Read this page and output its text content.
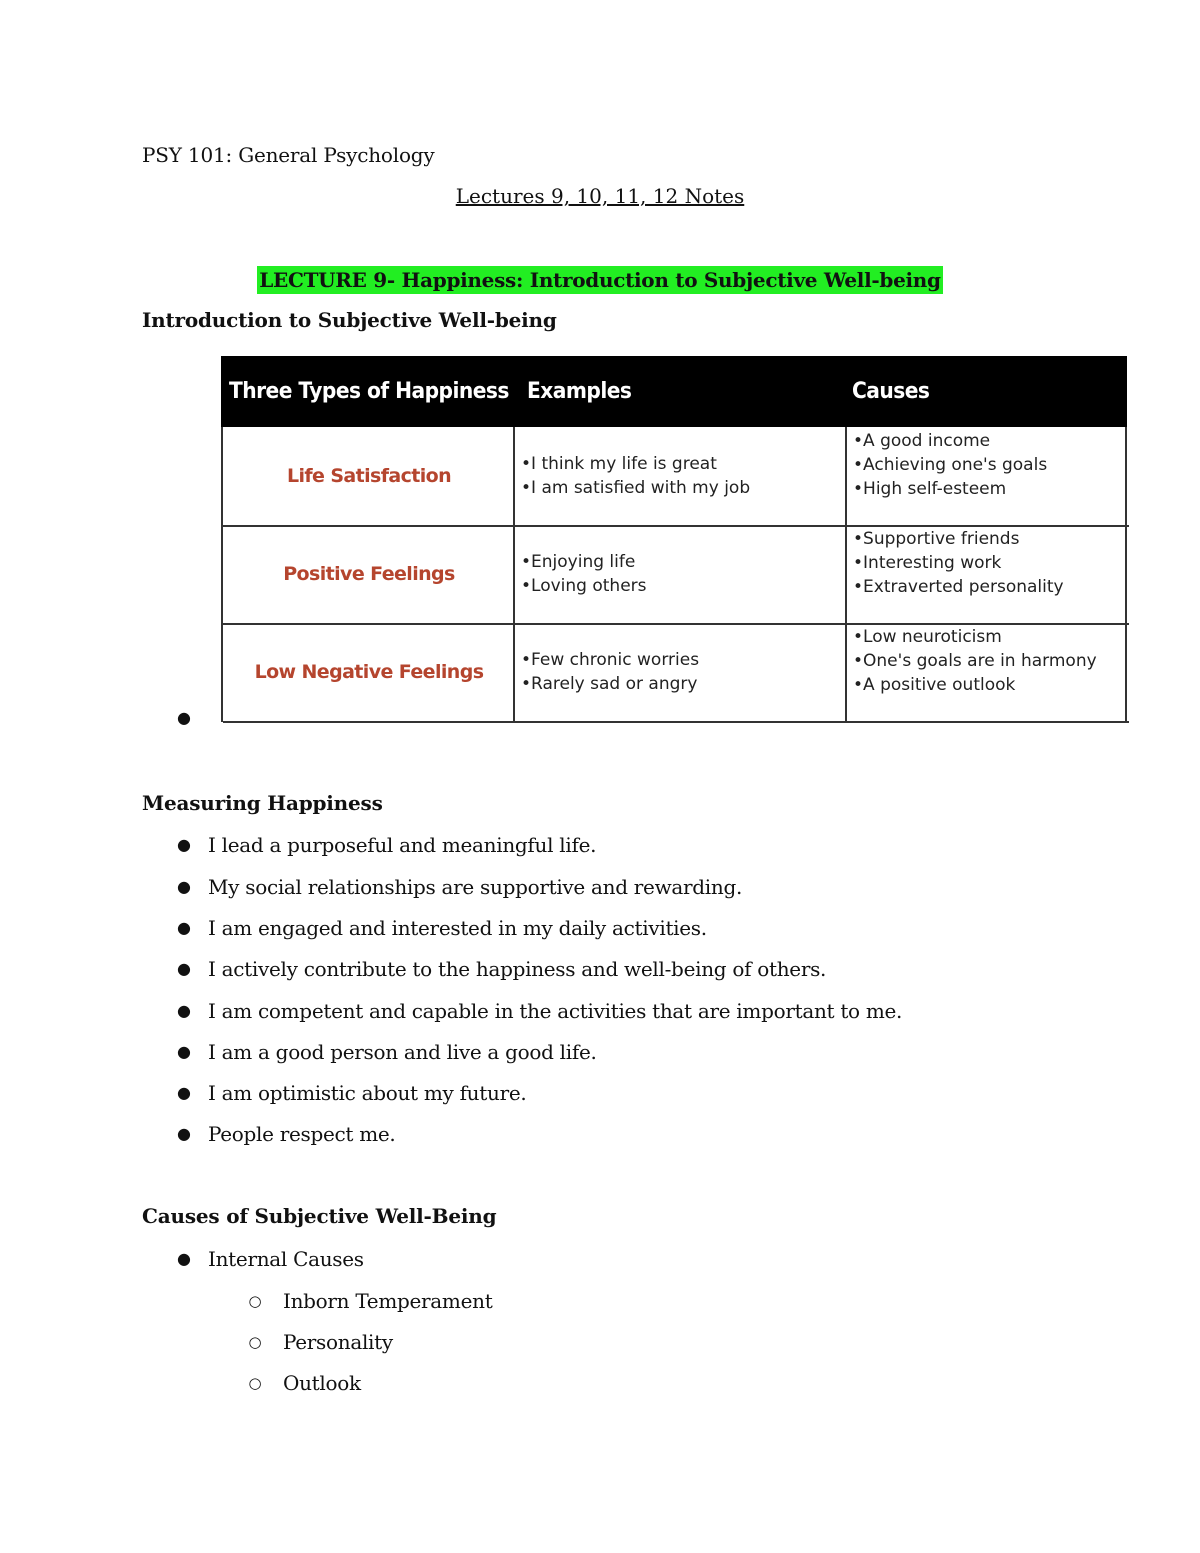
PSY 101: General Psychology
Lectures 9, 10, 11, 12 Notes
LECTURE 9- Happiness: Introduction to Subjective Well-being
Introduction to Subjective Well-being
Three Types of Happiness Examples	Causes
Life Satisfaction
• I think my life is great
• I am satisfied with my job
• A good income
• Achieving one's goals
• High self-esteem
Positive Feelings
• Enjoying life
• Loving others
• Supportive friends
• Interesting work
• Extraverted personality
Low Negative Feelings
• Few chronic worries
• Rarely sad or angry
• Low neuroticism
• One's goals are in harmony
• A positive outlook
●
Measuring Happiness
● I lead a purposeful and meaningful life.
● My social relationships are supportive and rewarding.
● I am engaged and interested in my daily activities.
● I actively contribute to the happiness and well-being of others.
● I am competent and capable in the activities that are important to me.
● I am a good person and live a good life.
● I am optimistic about my future.
● People respect me.
Causes of Subjective Well-Being
● Internal Causes
○ Inborn Temperament
○ Personality
○ Outlook
